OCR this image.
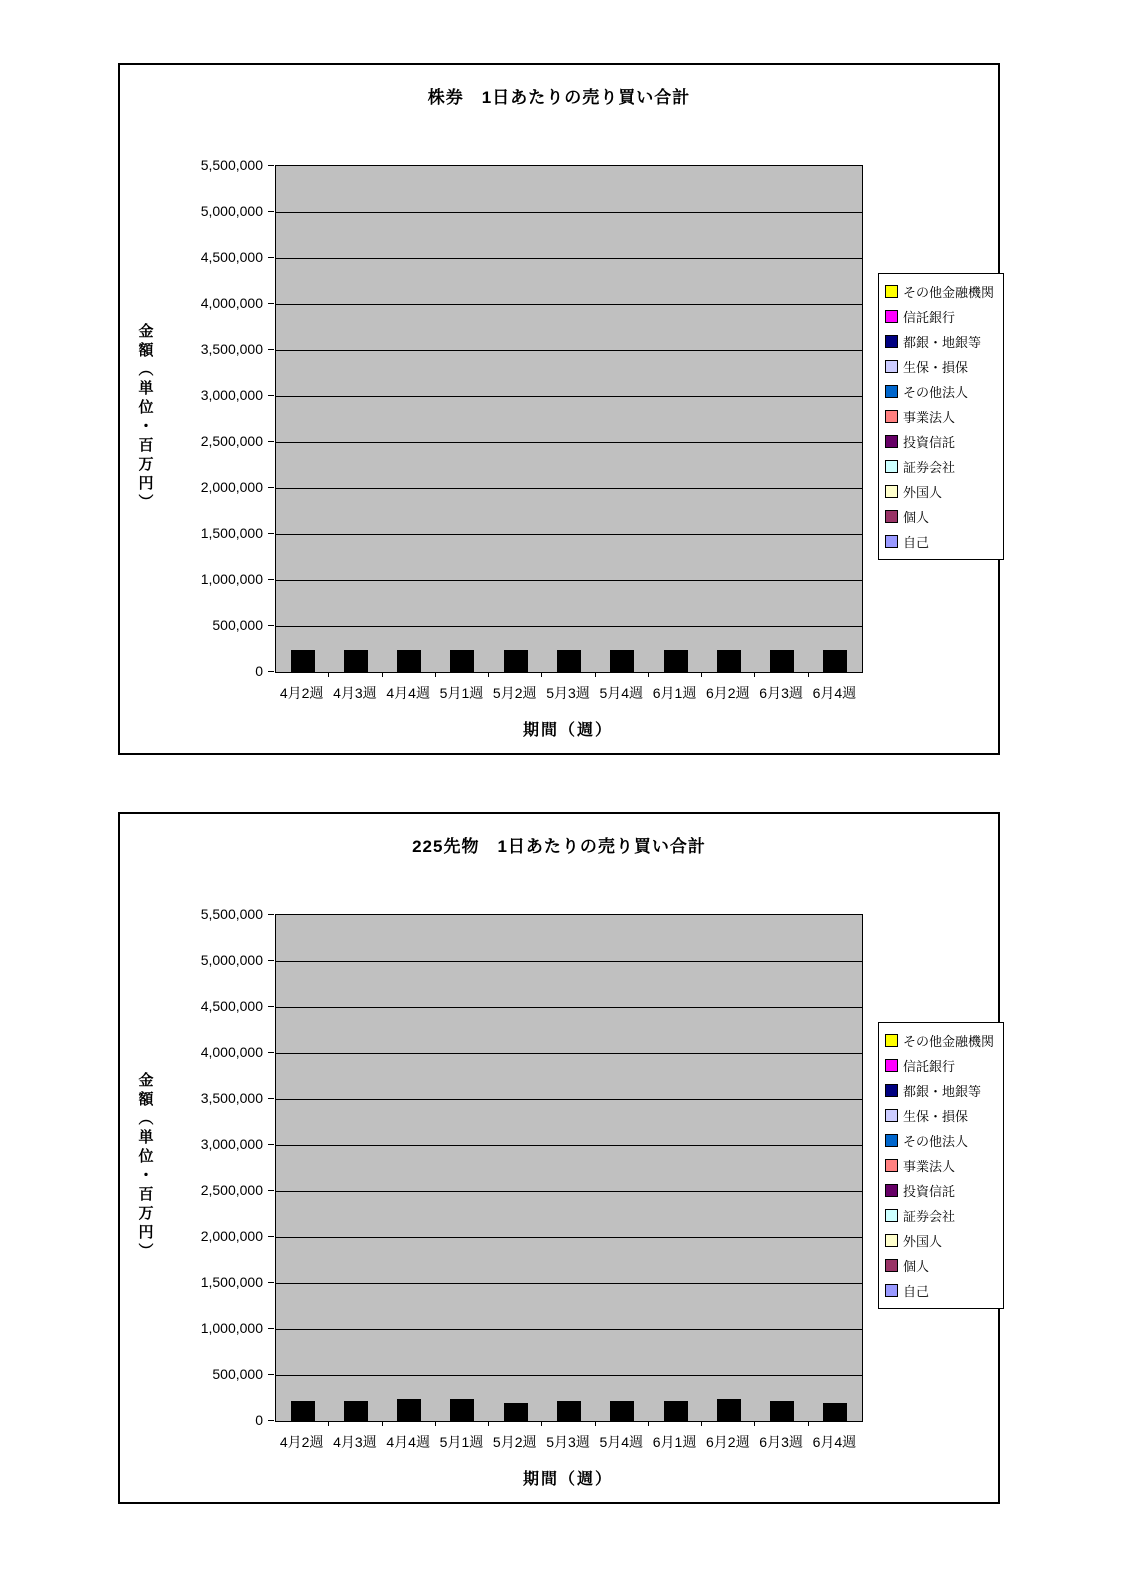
株券　1日あたりの売り買い合計
金額（単位・百万円）
期間（週）
その他金融機関
信託銀行
都銀・地銀等
生保・損保
その他法人
事業法人
投資信託
証券会社
外国人
個人
自己
4月2週 4月3週 4月4週 5月1週 5月2週 5月3週 5月4週 6月1週 6月2週 6月3週 6月4週
5,500,000
5,000,000
4,500,000
4,000,000
3,500,000
3,000,000
2,500,000
2,000,000
1,500,000
1,000,000
500,000
0
225先物　1日あたりの売り買い合計
金額（単位・百万円）
期間（週）
その他金融機関
信託銀行
都銀・地銀等
生保・損保
その他法人
事業法人
投資信託
証券会社
外国人
個人
自己
4月2週 4月3週 4月4週 5月1週 5月2週 5月3週 5月4週 6月1週 6月2週 6月3週 6月4週
5,500,000
5,000,000
4,500,000
4,000,000
3,500,000
3,000,000
2,500,000
2,000,000
1,500,000
1,000,000
500,000
0
